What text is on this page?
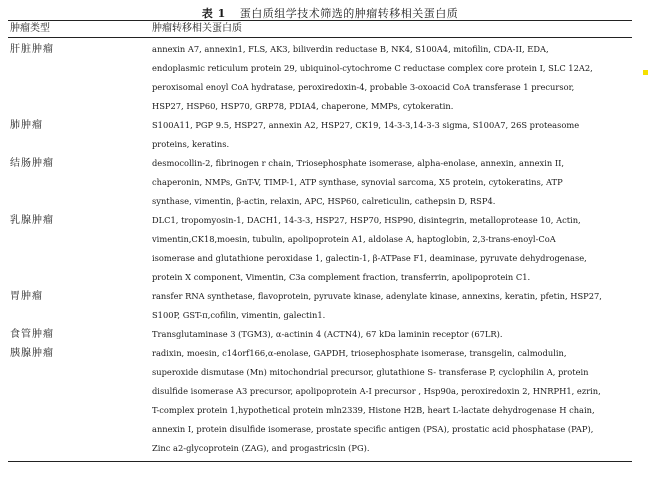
表 1 蛋白质组学技术筛选的肿瘤转移相关蛋白质
肿瘤类型	肿瘤转移相关蛋白质
肝脏肿瘤	annexin A7, annexin1, FLS, AK3, biliverdin reductase B, NK4, S100A4, mitofilin, CDA-II, EDA,
endoplasmic reticulum protein 29, ubiquinol-cytochrome C reductase complex core protein I, SLC 12A2,
peroxisomal enoyl CoA hydratase, peroxiredoxin-4, probable 3-oxoacid CoA transferase 1 precursor,
HSP27, HSP60, HSP70, GRP78, PDIA4, chaperone, MMPs, cytokeratin.
肺肿瘤	S100A11, PGP 9.5, HSP27, annexin A2, HSP27, CK19, 14-3-3,14-3-3 sigma, S100A7, 26S proteasome
proteins, keratins.
结肠肿瘤	desmocollin-2, fibrinogen r chain, Triosephosphate isomerase, alpha-enolase, annexin, annexin II,
chaperonin, NMPs, GnT-V, TIMP-1, ATP synthase, synovial sarcoma, X5 protein, cytokeratins, ATP
synthase, vimentin, β-actin, relaxin, APC, HSP60, calreticulin, cathepsin D, RSP4.
乳腺肿瘤	DLC1, tropomyosin-1, DACH1, 14-3-3, HSP27, HSP70, HSP90, disintegrin, metalloprotease 10, Actin,
vimentin,CK18,moesin, tubulin, apolipoprotein A1, aldolase A, haptoglobin, 2,3-trans-enoyl-CoA
isomerase and glutathione peroxidase 1, galectin-1, β-ATPase F1, deaminase, pyruvate dehydrogenase,
protein X component, Vimentin, C3a complement fraction, transferrin, apolipoprotein C1.
胃肿瘤	ransfer RNA synthetase, flavoprotein, pyruvate kinase, adenylate kinase, annexins, keratin, pfetin, HSP27,
S100P, GST-π,cofilin, vimentin, galectin1.
食管肿瘤	Transglutaminase 3 (TGM3), α-actinin 4 (ACTN4), 67 kDa laminin receptor (67LR).
胰腺肿瘤	radixin, moesin, c14orf166,α-enolase, GAPDH, triosephosphate isomerase, transgelin, calmodulin,
superoxide dismutase (Mn) mitochondrial precursor, glutathione S- transferase P, cyclophilin A, protein
disulfide isomerase A3 precursor, apolipoprotein A-I precursor , Hsp90a, peroxiredoxin 2, HNRPH1, ezrin,
T-complex protein 1,hypothetical protein mln2339, Histone H2B, heart L-lactate dehydrogenase H chain,
annexin I, protein disulfide isomerase, prostate specific antigen (PSA), prostatic acid phosphatase (PAP),
Zinc a2-glycoprotein (ZAG), and progastricsin (PG).
